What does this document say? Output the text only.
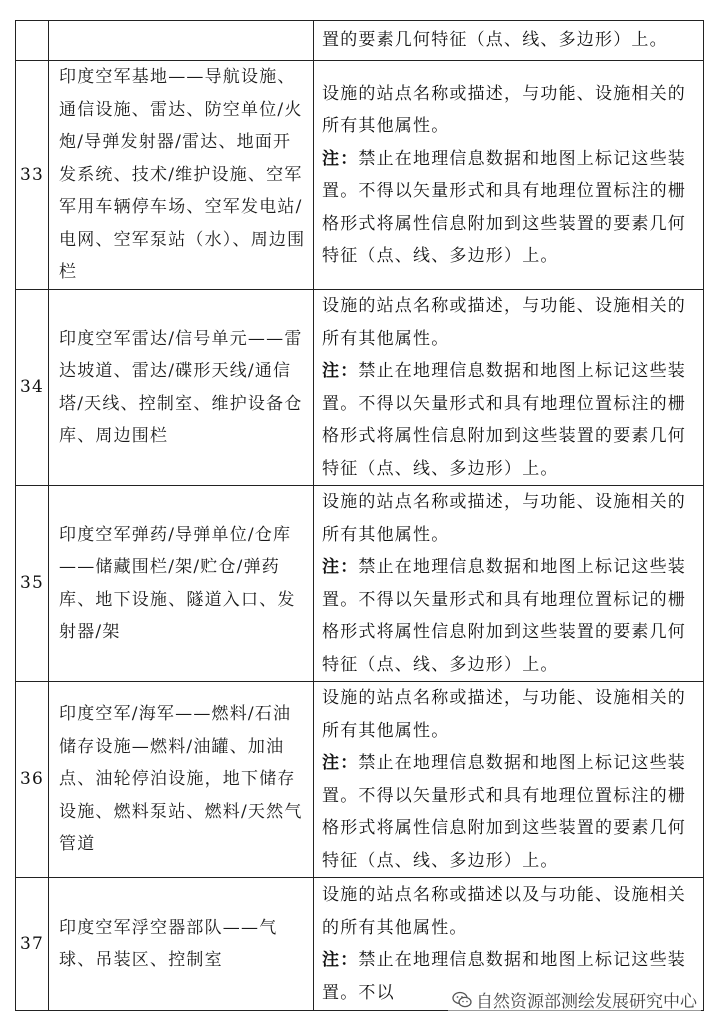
		置的要素几何特征（点、线、多边形）上。

33	印度空军基地——导航设施、通信设施、雷达、防空单位/火炮/导弹发射器/雷达、地面开发系统、技术/维护设施、空军军用车辆停车场、空军发电站/电网、空军泵站（水）、周边围栏	设施的站点名称或描述，与功能、设施相关的所有其他属性。

注：禁止在地理信息数据和地图上标记这些装置。不得以矢量形式和具有地理位置标注的栅格形式将属性信息附加到这些装置的要素几何特征（点、线、多边形）上。

34	印度空军雷达/信号单元——雷达坡道、雷达/碟形天线/通信塔/天线、控制室、维护设备仓库、周边围栏	设施的站点名称或描述，与功能、设施相关的所有其他属性。

注：禁止在地理信息数据和地图上标记这些装置。不得以矢量形式和具有地理位置标注的栅格形式将属性信息附加到这些装置的要素几何特征（点、线、多边形）上。

35	印度空军弹药/导弹单位/仓库——储藏围栏/架/贮仓/弹药库、地下设施、隧道入口、发射器/架	设施的站点名称或描述，与功能、设施相关的所有其他属性。

注：禁止在地理信息数据和地图上标记这些装置。不得以矢量形式和具有地理位置标记的栅格形式将属性信息附加到这些装置的要素几何特征（点、线、多边形）上。

36	印度空军/海军——燃料/石油储存设施—燃料/油罐、加油点、油轮停泊设施，地下储存设施、燃料泵站、燃料/天然气管道	设施的站点名称或描述，与功能、设施相关的所有其他属性。

注：禁止在地理信息数据和地图上标记这些装置。不得以矢量形式和具有地理位置标注的栅格形式将属性信息附加到这些装置的要素几何特征（点、线、多边形）上。

37	印度空军浮空器部队——气球、吊装区、控制室	设施的站点名称或描述以及与功能、设施相关的所有其他属性。

注：禁止在地理信息数据和地图上标记这些装置。不以	自然资源部测绘发展研究中心
